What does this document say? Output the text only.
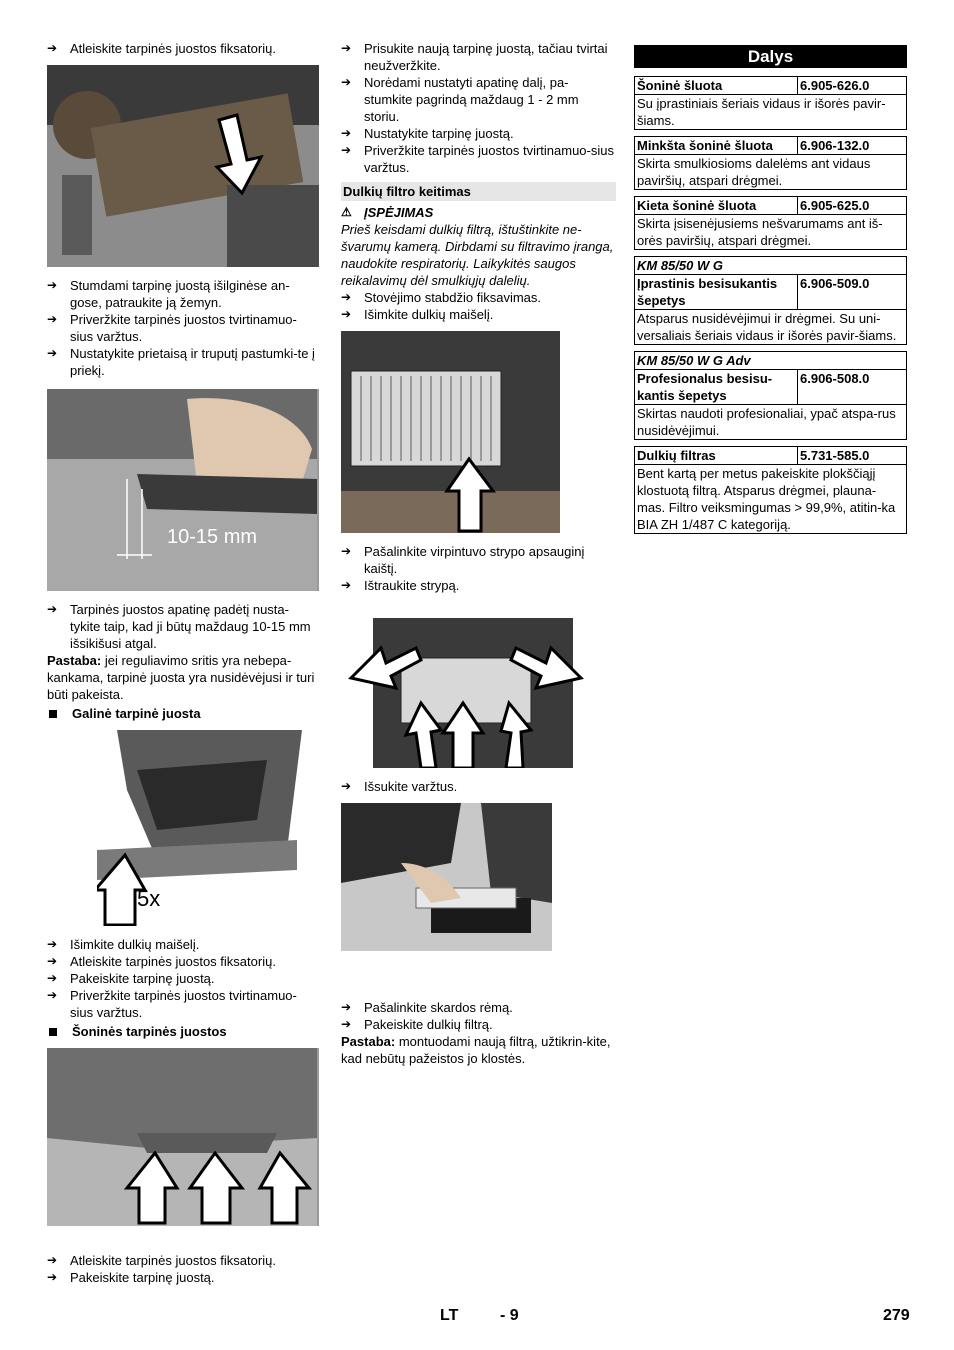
➔ Atleiskite tarpinės juostos fiksatorių.

➔ Stumdami tarpinę juostą išilginėse an-gose, patraukite ją žemyn.

➔ Priveržkite tarpinės juostos tvirtinamuo-sius varžtus.

➔ Nustatykite prietaisą ir truputį pastumki-te į priekį.

10-15 mm

➔ Tarpinės juostos apatinę padėtį nusta-tykite taip, kad ji būtų maždaug 10-15 mm išsikišusi atgal.

Pastaba: jei reguliavimo sritis yra nebepa-kankama, tarpinė juosta yra nusidėvėjusi ir turi būti pakeista.

Galinė tarpinė juosta
5x

➔ Išimkite dulkių maišelį.

➔ Atleiskite tarpinės juostos fiksatorių.

➔ Pakeiskite tarpinę juostą.

➔ Priveržkite tarpinės juostos tvirtinamuo-sius varžtus.

Šoninės tarpinės juostos

➔ Atleiskite tarpinės juostos fiksatorių.

➔ Pakeiskite tarpinę juostą.

➔ Prisukite naują tarpinę juostą, tačiau tvirtai neužveržkite.

➔ Norėdami nustatyti apatinę dalį, pa-stumkite pagrindą maždaug 1 - 2 mm storiu.

➔ Nustatykite tarpinę juostą.

➔ Priveržkite tarpinės juostos tvirtinamuo-sius varžtus.

Dulkių filtro keitimas
⚠ ĮSPĖJIMAS

Prieš keisdami dulkių filtrą, ištuštinkite ne-švarumų kamerą. Dirbdami su filtravimo įranga, naudokite respiratorių. Laikykitės saugos reikalavimų dėl smulkiųjų dalelių.

➔ Stovėjimo stabdžio fiksavimas.

➔ Išimkite dulkių maišelį.

➔ Pašalinkite virpintuvo strypo apsauginį kaištį.

➔ Ištraukite strypą.

➔ Išsukite varžtus.

➔ Pašalinkite skardos rėmą.

➔ Pakeiskite dulkių filtrą.

Pastaba: montuodami naują filtrą, užtikrin-kite, kad nebūtų pažeistos jo klostės.

Dalys
Šoninė šluota	6.905-626.0
Su įprastiniais šeriais vidaus ir išorės pavir-šiams.
Minkšta šoninė šluota	6.906-132.0
Skirta smulkiosioms dalelėms ant vidaus paviršių, atspari drėgmei.
Kieta šoninė šluota	6.905-625.0
Skirta įsisenėjusiems nešvarumams ant iš-orės paviršių, atspari drėgmei.
KM 85/50 W G
Įprastinis besisukantis šepetys
6.906-509.0
Atsparus nusidėvėjimui ir drėgmei. Su uni-versaliais šeriais vidaus ir išorės pavir-šiams.
KM 85/50 W G Adv
Profesionalus besisu-kantis šepetys
6.906-508.0
Skirtas naudoti profesionaliai, ypač atspa-rus nusidėvėjimui.
Dulkių filtras	5.731-585.0
Bent kartą per metus pakeiskite plokščiąjį klostuotą filtrą. Atsparus drėgmei, plauna-mas. Filtro veiksmingumas > 99,9%, atitin-ka BIA ZH 1/487 C kategoriją.
LT	- 9	279
